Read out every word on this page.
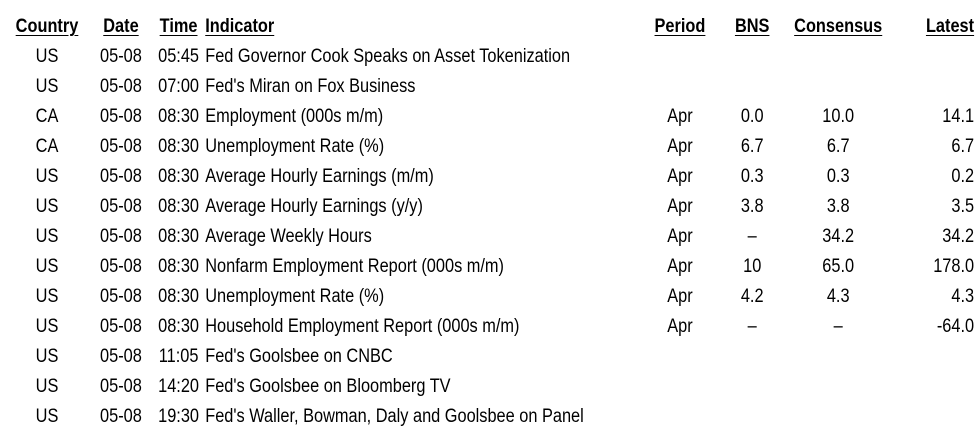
Country	Date	Time	Indicator	Period	BNS	Consensus	Latest
US	05-08	05:45	Fed Governor Cook Speaks on Asset Tokenization				
US	05-08	07:00	Fed's Miran on Fox Business				
CA	05-08	08:30	Employment (000s m/m)	Apr	0.0	10.0	14.1
CA	05-08	08:30	Unemployment Rate (%)	Apr	6.7	6.7	6.7
US	05-08	08:30	Average Hourly Earnings (m/m)	Apr	0.3	0.3	0.2
US	05-08	08:30	Average Hourly Earnings (y/y)	Apr	3.8	3.8	3.5
US	05-08	08:30	Average Weekly Hours	Apr	–	34.2	34.2
US	05-08	08:30	Nonfarm Employment Report (000s m/m)	Apr	10	65.0	178.0
US	05-08	08:30	Unemployment Rate (%)	Apr	4.2	4.3	4.3
US	05-08	08:30	Household Employment Report (000s m/m)	Apr	–	–	-64.0
US	05-08	11:05	Fed's Goolsbee on CNBC				
US	05-08	14:20	Fed's Goolsbee on Bloomberg TV				
US	05-08	19:30	Fed's Waller, Bowman, Daly and Goolsbee on Panel				
